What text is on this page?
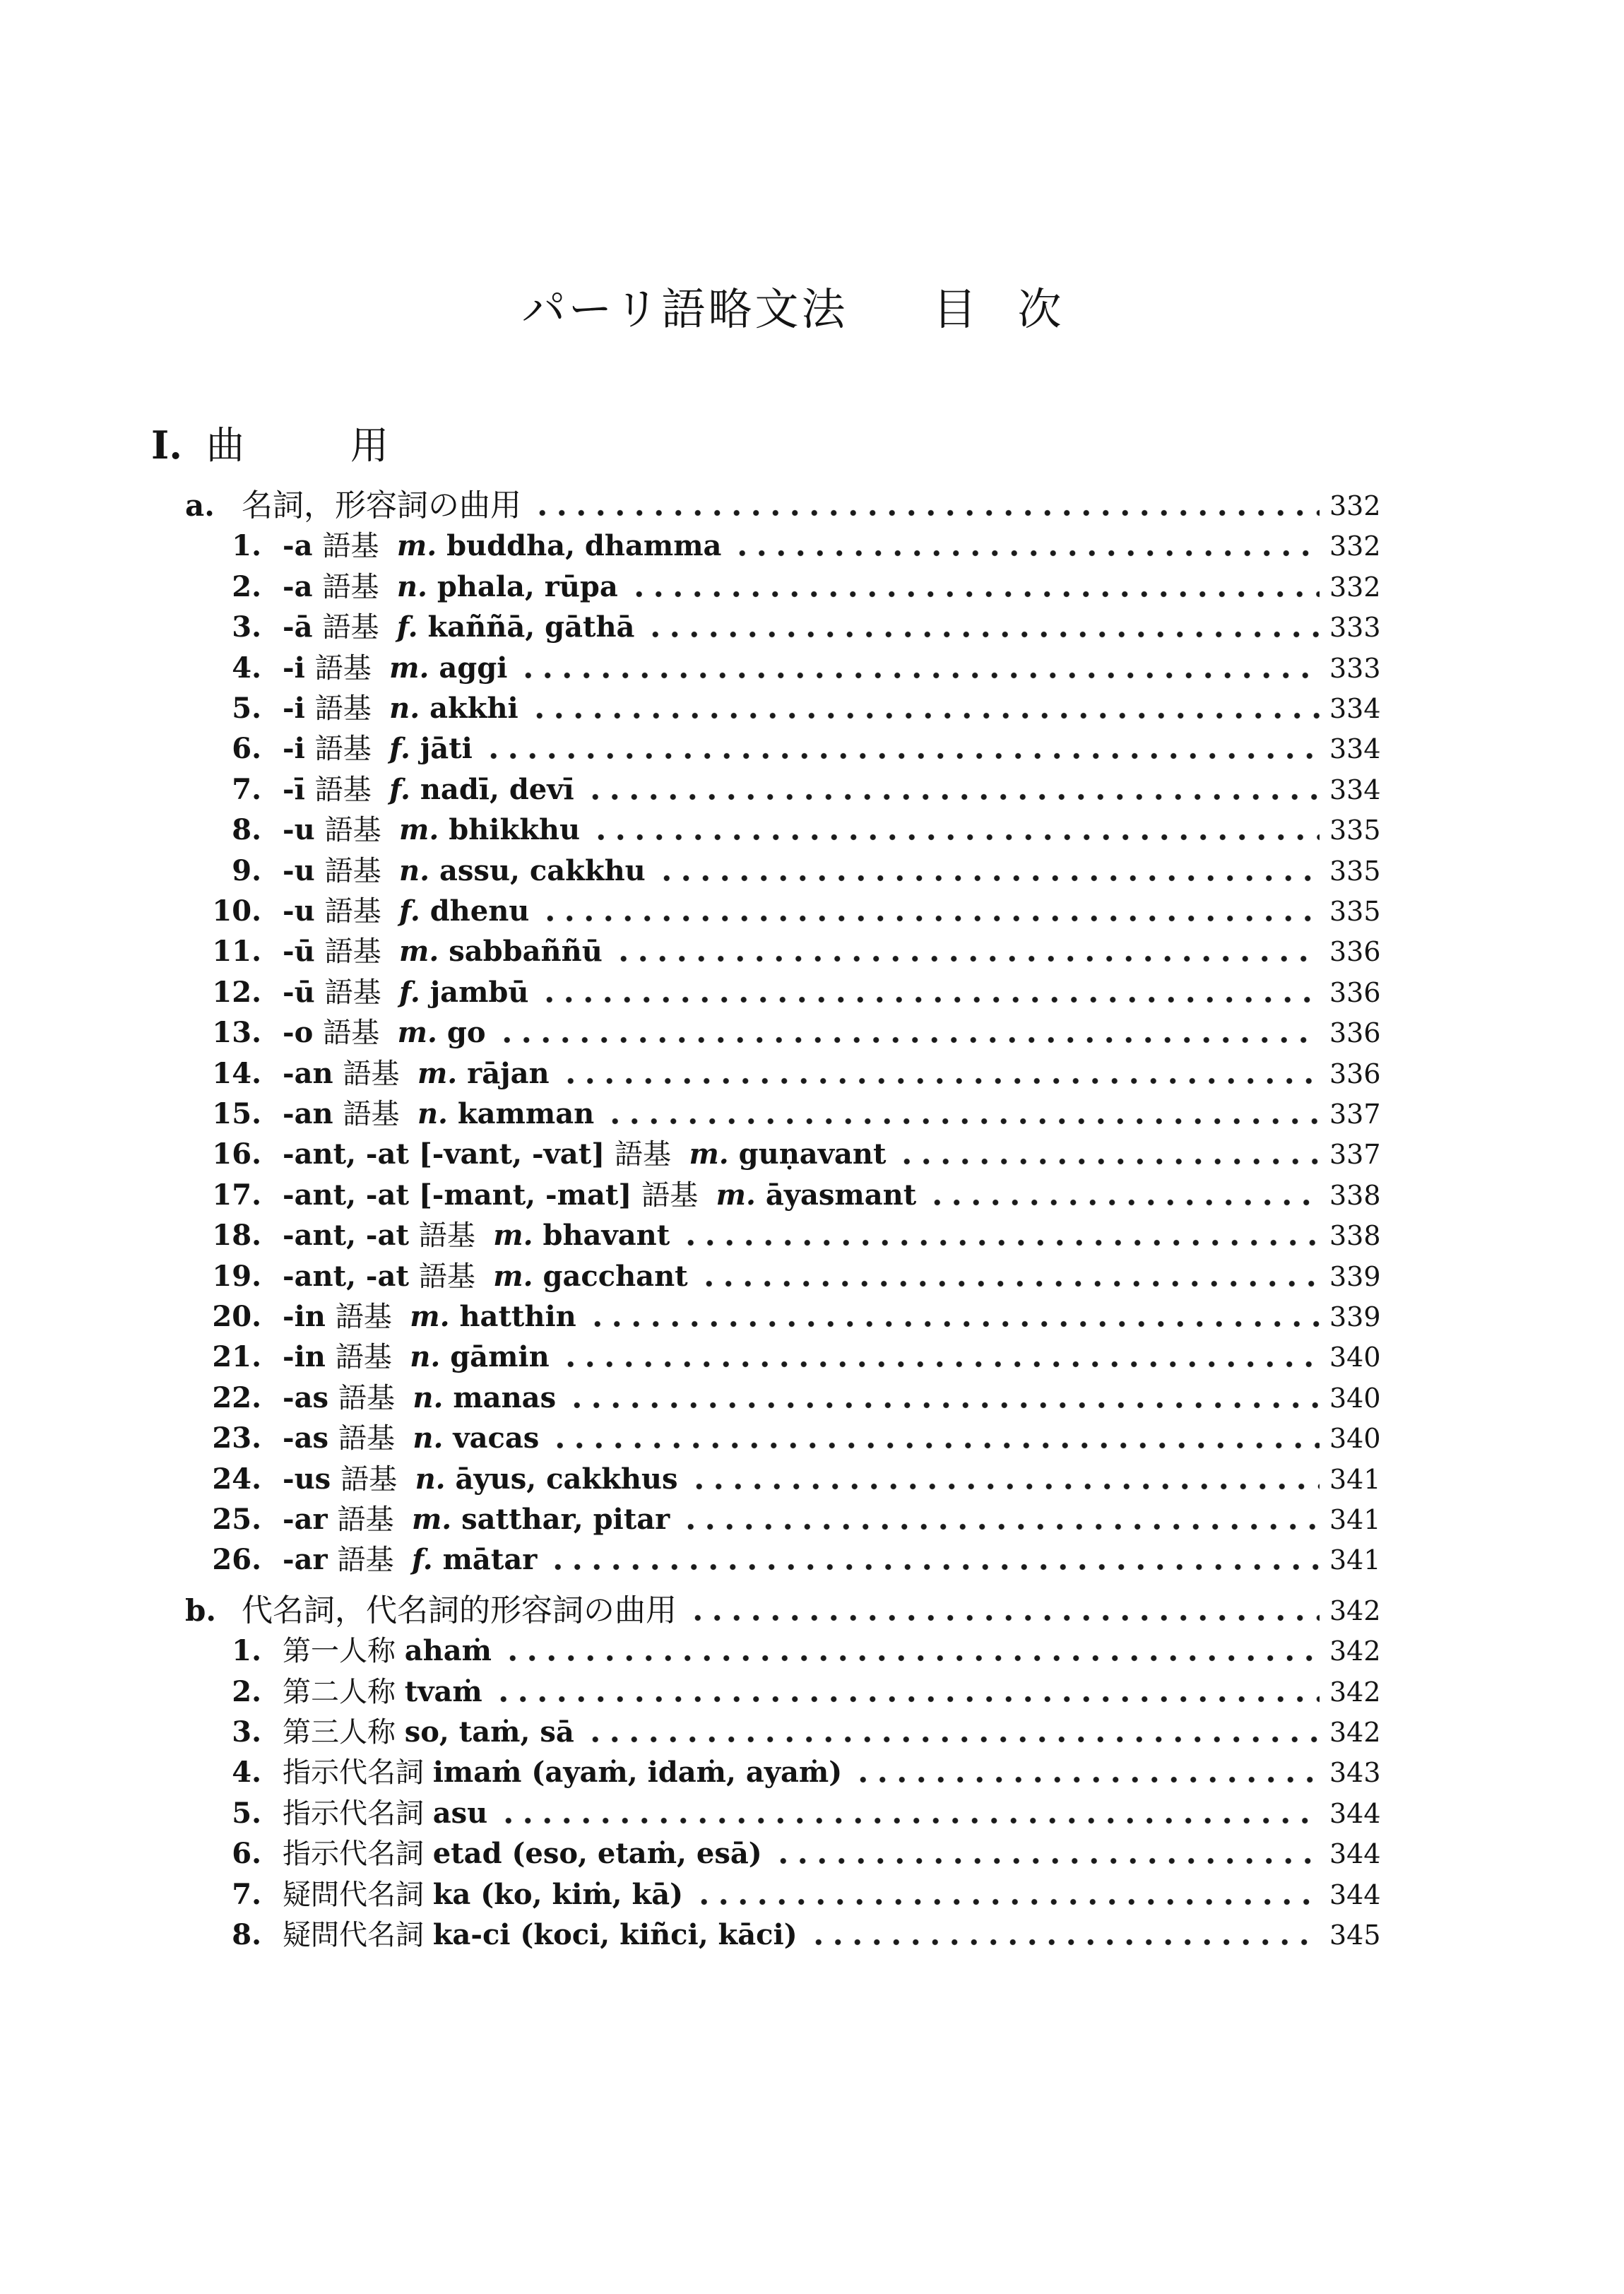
パーリ語略文法 目次
I. 曲用
a. 名詞，形容詞の曲用	332
1. -a 語基  m. buddha, dhamma	332
2. -a 語基  n. phala, rūpa	332
3. -ā 語基  f. kaññā, gāthā	333
4. -i 語基  m. aggi	333
5. -i 語基  n. akkhi	334
6. -i 語基  f. jāti	334
7. -ī 語基  f. nadī, devī	334
8. -u 語基  m. bhikkhu	335
9. -u 語基  n. assu, cakkhu	335
10. -u 語基  f. dhenu	335
11. -ū 語基  m. sabbaññū	336
12. -ū 語基  f. jambū	336
13. -o 語基  m. go	336
14. -an 語基  m. rājan	336
15. -an 語基  n. kamman	337
16. -ant, -at [-vant, -vat] 語基  m. guṇavant	337
17. -ant, -at [-mant, -mat] 語基  m. āyasmant	338
18. -ant, -at 語基  m. bhavant	338
19. -ant, -at 語基  m. gacchant	339
20. -in 語基  m. hatthin	339
21. -in 語基  n. gāmin	340
22. -as 語基  n. manas	340
23. -as 語基  n. vacas	340
24. -us 語基  n. āyus, cakkhus	341
25. -ar 語基  m. satthar, pitar	341
26. -ar 語基  f. mātar	341
b. 代名詞，代名詞的形容詞の曲用	342
1. 第一人称 ahaṁ	342
2. 第二人称 tvaṁ	342
3. 第三人称 so, taṁ, sā	342
4. 指示代名詞 imaṁ (ayaṁ, idaṁ, ayaṁ)	343
5. 指示代名詞 asu	344
6. 指示代名詞 etad (eso, etaṁ, esā)	344
7. 疑問代名詞 ka (ko, kiṁ, kā)	344
8. 疑問代名詞 ka-ci (koci, kiñci, kāci)	345
